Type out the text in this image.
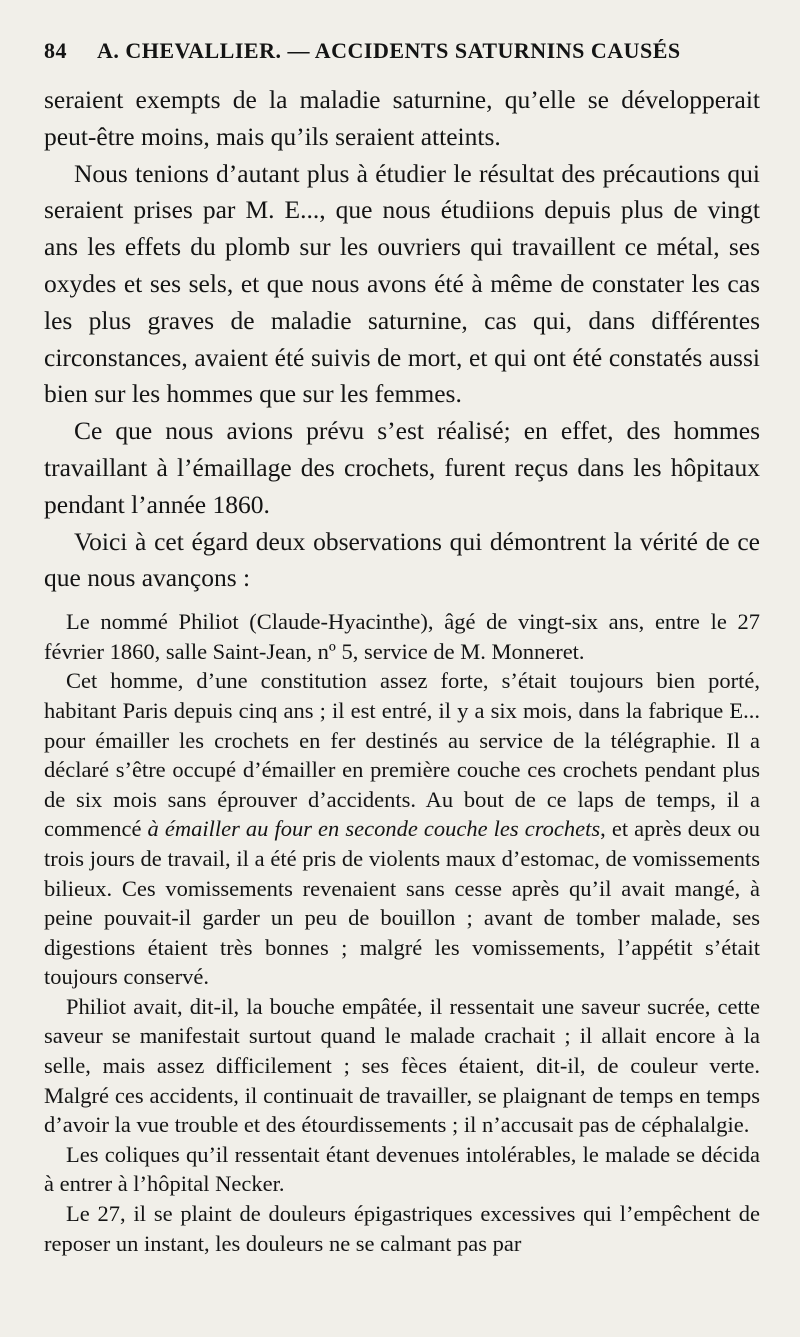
84 A. CHEVALLIER. — ACCIDENTS SATURNINS CAUSÉS

seraient exempts de la maladie saturnine, qu’elle se développerait peut-être moins, mais qu’ils seraient atteints.

Nous tenions d’autant plus à étudier le résultat des précautions qui seraient prises par M. E..., que nous étudiions depuis plus de vingt ans les effets du plomb sur les ouvriers qui travaillent ce métal, ses oxydes et ses sels, et que nous avons été à même de constater les cas les plus graves de maladie saturnine, cas qui, dans différentes circonstances, avaient été suivis de mort, et qui ont été constatés aussi bien sur les hommes que sur les femmes.

Ce que nous avions prévu s’est réalisé; en effet, des hommes travaillant à l’émaillage des crochets, furent reçus dans les hôpitaux pendant l’année 1860.

Voici à cet égard deux observations qui démontrent la vérité de ce que nous avançons :

Le nommé Philiot (Claude-Hyacinthe), âgé de vingt-six ans, entre le 27 février 1860, salle Saint-Jean, nº 5, service de M. Monneret.

Cet homme, d’une constitution assez forte, s’était toujours bien porté, habitant Paris depuis cinq ans ; il est entré, il y a six mois, dans la fabrique E... pour émailler les crochets en fer destinés au service de la télégraphie. Il a déclaré s’être occupé d’émailler en première couche ces crochets pendant plus de six mois sans éprouver d’accidents. Au bout de ce laps de temps, il a commencé à émailler au four en seconde couche les crochets, et après deux ou trois jours de travail, il a été pris de violents maux d’estomac, de vomissements bilieux. Ces vomissements revenaient sans cesse après qu’il avait mangé, à peine pouvait-il garder un peu de bouillon ; avant de tomber malade, ses digestions étaient très bonnes ; malgré les vomissements, l’appétit s’était toujours conservé.

Philiot avait, dit-il, la bouche empâtée, il ressentait une saveur sucrée, cette saveur se manifestait surtout quand le malade crachait ; il allait encore à la selle, mais assez difficilement ; ses fèces étaient, dit-il, de couleur verte. Malgré ces accidents, il continuait de travailler, se plaignant de temps en temps d’avoir la vue trouble et des étourdissements ; il n’accusait pas de céphalalgie.

Les coliques qu’il ressentait étant devenues intolérables, le malade se décida à entrer à l’hôpital Necker.

Le 27, il se plaint de douleurs épigastriques excessives qui l’empêchent de reposer un instant, les douleurs ne se calmant pas par
